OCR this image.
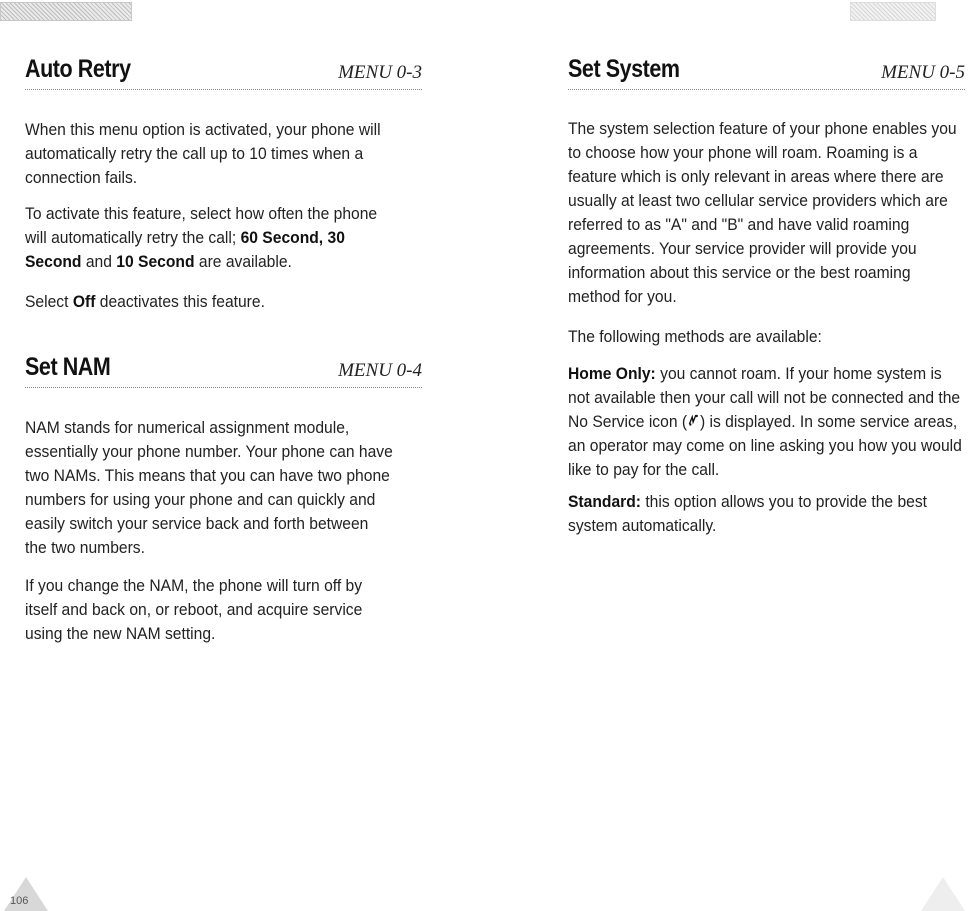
Auto Retry	MENU 0-3

When this menu option is activated, your phone will automatically retry the call up to 10 times when a connection fails.

To activate this feature, select how often the phone will automatically retry the call; 60 Second, 30 Second and 10 Second are available.

Select Off deactivates this feature.

Set NAM	MENU 0-4

NAM stands for numerical assignment module, essentially your phone number. Your phone can have two NAMs. This means that you can have two phone numbers for using your phone and can quickly and easily switch your service back and forth between the two numbers.

If you change the NAM, the phone will turn off by itself and back on, or reboot, and acquire service using the new NAM setting.

106
Set System	MENU 0-5

The system selection feature of your phone enables you to choose how your phone will roam. Roaming is a feature which is only relevant in areas where there are usually at least two cellular service providers which are referred to as "A" and "B" and have valid roaming agreements. Your service provider will provide you information about this service or the best roaming method for you.

The following methods are available:

Home Only: you cannot roam. If your home system is not available then your call will not be connected and the No Service icon ( ) is displayed. In some service areas, an operator may come on line asking you how you would like to pay for the call.

Standard: this option allows you to provide the best system automatically.
